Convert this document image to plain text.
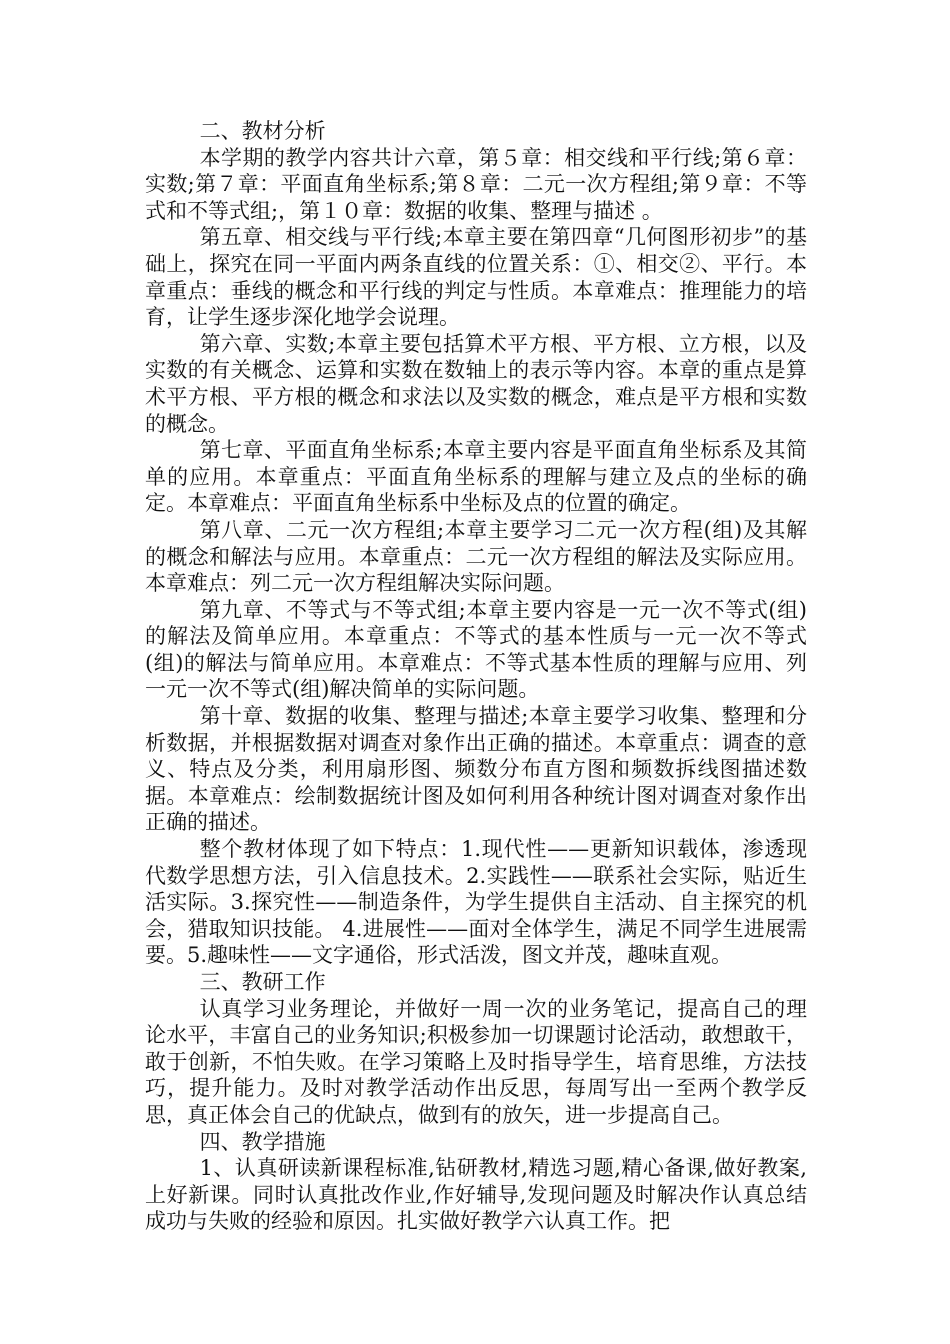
二、教材分析

本学期的教学内容共计六章，第５章：相交线和平行线;第６章：实数;第７章：平面直角坐标系;第８章：二元一次方程组;第９章：不等式和不等式组;，第１０章：数据的收集、整理与描述 。

第五章、相交线与平行线;本章主要在第四章“几何图形初步”的基础上，探究在同一平面内两条直线的位置关系：①、相交②、平行。本章重点：垂线的概念和平行线的判定与性质。本章难点：推理能力的培育，让学生逐步深化地学会说理。

第六章、实数;本章主要包括算术平方根、平方根、立方根，以及实数的有关概念、运算和实数在数轴上的表示等内容。本章的重点是算术平方根、平方根的概念和求法以及实数的概念，难点是平方根和实数的概念。

第七章、平面直角坐标系;本章主要内容是平面直角坐标系及其简单的应用。本章重点：平面直角坐标系的理解与建立及点的坐标的确定。本章难点：平面直角坐标系中坐标及点的位置的确定。

第八章、二元一次方程组;本章主要学习二元一次方程(组)及其解的概念和解法与应用。本章重点：二元一次方程组的解法及实际应用。本章难点：列二元一次方程组解决实际问题。

第九章、不等式与不等式组;本章主要内容是一元一次不等式(组)的解法及简单应用。本章重点：不等式的基本性质与一元一次不等式(组)的解法与简单应用。本章难点：不等式基本性质的理解与应用、列一元一次不等式(组)解决简单的实际问题。

第十章、数据的收集、整理与描述;本章主要学习收集、整理和分析数据，并根据数据对调查对象作出正确的描述。本章重点：调查的意义、特点及分类，利用扇形图、频数分布直方图和频数拆线图描述数据。本章难点：绘制数据统计图及如何利用各种统计图对调查对象作出正确的描述。

整个教材体现了如下特点：1.现代性——更新知识载体，渗透现代数学思想方法，引入信息技术。2.实践性——联系社会实际，贴近生活实际。3.探究性——制造条件，为学生提供自主活动、自主探究的机会，猎取知识技能。 4.进展性——面对全体学生，满足不同学生进展需要。5.趣味性——文字通俗，形式活泼，图文并茂，趣味直观。

三、教研工作

认真学习业务理论，并做好一周一次的业务笔记，提高自己的理论水平，丰富自己的业务知识;积极参加一切课题讨论活动，敢想敢干，敢于创新，不怕失败。在学习策略上及时指导学生，培育思维，方法技巧，提升能力。及时对教学活动作出反思，每周写出一至两个教学反思，真正体会自己的优缺点，做到有的放矢，进一步提高自己。

四、教学措施

1、认真研读新课程标准,钻研教材,精选习题,精心备课,做好教案,上好新课。同时认真批改作业,作好辅导,发现问题及时解决作认真总结成功与失败的经验和原因。扎实做好教学六认真工作。把
